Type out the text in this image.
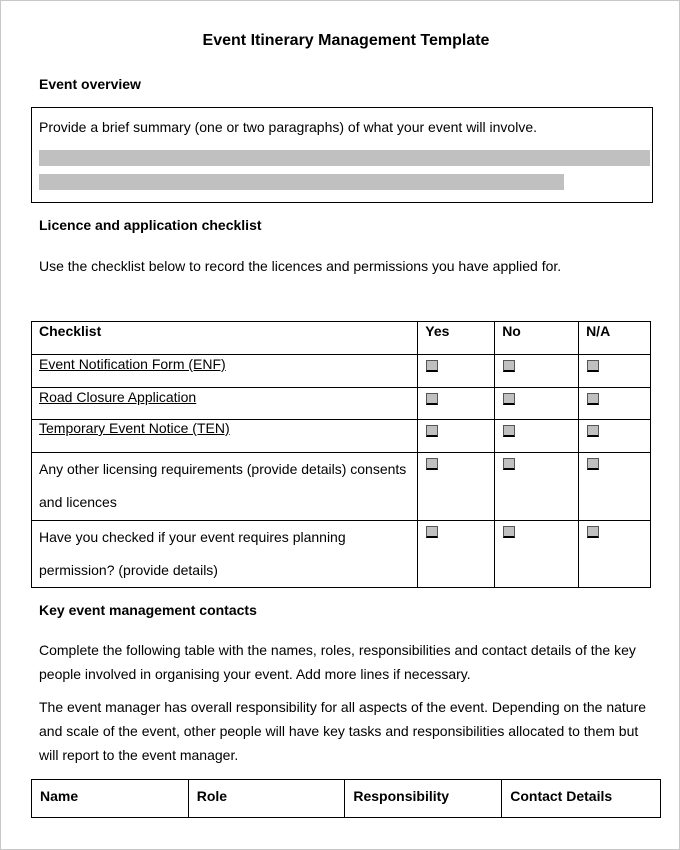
Event Itinerary Management Template
Event overview
Provide a brief summary (one or two paragraphs) of what your event will involve.
Licence and application checklist
Use the checklist below to record the licences and permissions you have applied for.
Checklist	Yes	No	N/A
Event Notification Form (ENF)			
Road Closure Application			
Temporary Event Notice (TEN)			

Any other licensing requirements (provide details) consents
and licences			

Have you checked if your event requires planning
permission? (provide details)			

Key event management contacts
Complete the following table with the names, roles, responsibilities and contact details of the key
people involved in organising your event. Add more lines if necessary.
The event manager has overall responsibility for all aspects of the event. Depending on the nature
and scale of the event, other people will have key tasks and responsibilities allocated to them but
will report to the event manager.
Name	Role	Responsibility	Contact Details
